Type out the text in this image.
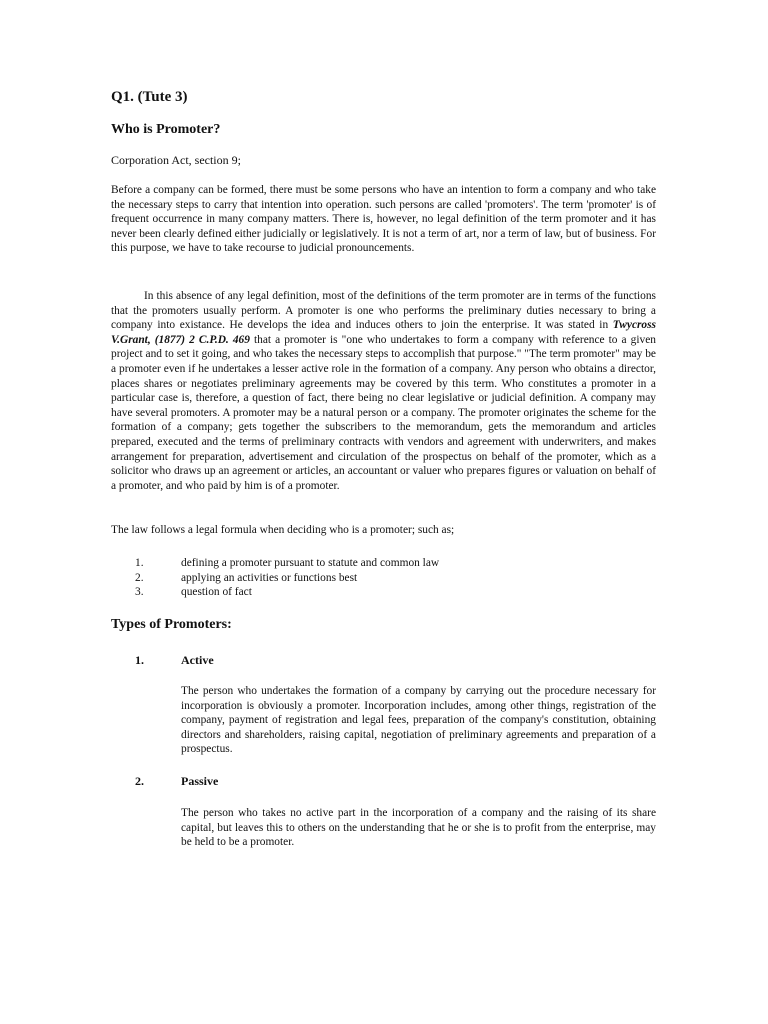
Q1. (Tute 3)
Who is Promoter?
Corporation Act, section 9;
Before a company can be formed, there must be some persons who have an intention to form a company and who take the necessary steps to carry that intention into operation. such persons are called 'promoters'. The term 'promoter' is of frequent occurrence in many company matters. There is, however, no legal definition of the term promoter and it has never been clearly defined either judicially or legislatively. It is not a term of art, nor a term of law, but of business. For this purpose, we have to take recourse to judicial pronouncements.
In this absence of any legal definition, most of the definitions of the term promoter are in terms of the functions that the promoters usually perform. A promoter is one who performs the preliminary duties necessary to bring a company into existance. He develops the idea and induces others to join the enterprise. It was stated in Twycross V.Grant, (1877) 2 C.P.D. 469 that a promoter is "one who undertakes to form a company with reference to a given project and to set it going, and who takes the necessary steps to accomplish that purpose." "The term promoter" may be a promoter even if he undertakes a lesser active role in the formation of a company. Any person who obtains a director, places shares or negotiates preliminary agreements may be covered by this term. Who constitutes a promoter in a particular case is, therefore, a question of fact, there being no clear legislative or judicial definition. A company may have several promoters. A promoter may be a natural person or a company. The promoter originates the scheme for the formation of a company; gets together the subscribers to the memorandum, gets the memorandum and articles prepared, executed and the terms of preliminary contracts with vendors and agreement with underwriters, and makes arrangement for preparation, advertisement and circulation of the prospectus on behalf of the promoter, which as a solicitor who draws up an agreement or articles, an accountant or valuer who prepares figures or valuation on behalf of a promoter, and who paid by him is of a promoter.
The law follows a legal formula when deciding who is a promoter; such as;
1.	defining a promoter pursuant to statute and common law
2.	applying an activities or functions best
3.	question of fact
Types of Promoters:
1.	Active
The person who undertakes the formation of a company by carrying out the procedure necessary for incorporation is obviously a promoter. Incorporation includes, among other things, registration of the company, payment of registration and legal fees, preparation of the company's constitution, obtaining directors and shareholders, raising capital, negotiation of preliminary agreements and preparation of a prospectus.
2.	Passive
The person who takes no active part in the incorporation of a company and the raising of its share capital, but leaves this to others on the understanding that he or she is to profit from the enterprise, may be held to be a promoter.
